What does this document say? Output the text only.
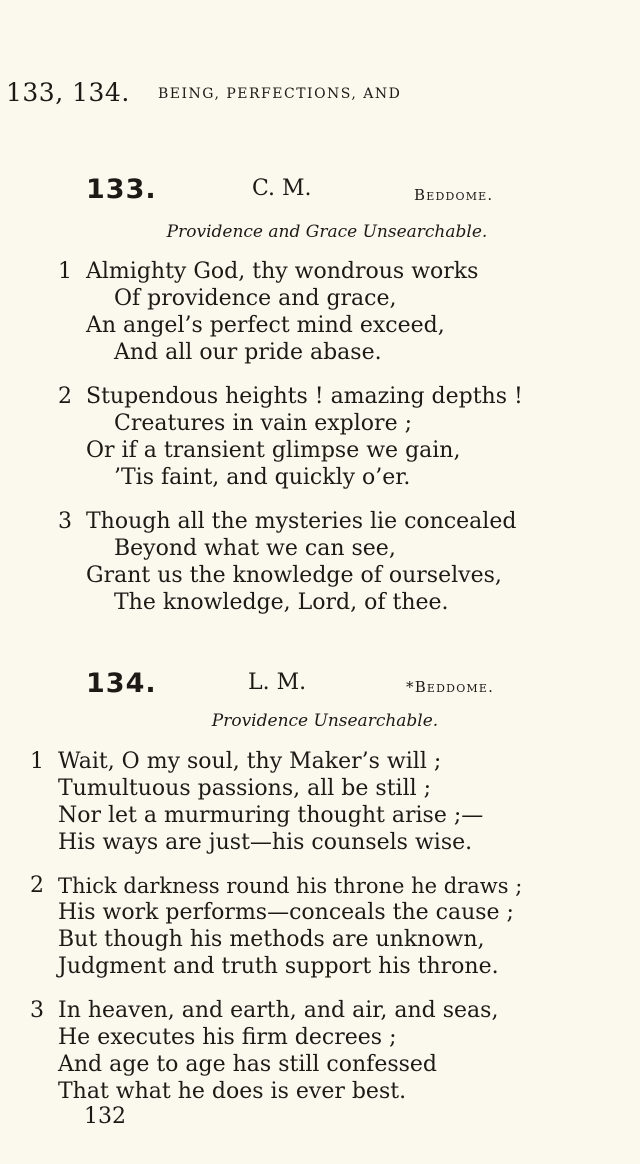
133, 134. BEING, PERFECTIONS, AND
133.	C. M.	Beddome.
Providence and Grace Unsearchable.
1 Almighty God, thy wondrous works
Of providence and grace,
An angel’s perfect mind exceed,
And all our pride abase.
2 Stupendous heights ! amazing depths !
Creatures in vain explore ;
Or if a transient glimpse we gain,
’Tis faint, and quickly o’er.
3 Though all the mysteries lie concealed
Beyond what we can see,
Grant us the knowledge of ourselves,
The knowledge, Lord, of thee.
134.	L. M.	*Beddome.
Providence Unsearchable.
1 Wait, O my soul, thy Maker’s will ;
Tumultuous passions, all be still ;
Nor let a murmuring thought arise ;—
His ways are just—his counsels wise.
2 Thick darkness round his throne he draws ;
His work performs—conceals the cause ;
But though his methods are unknown,
Judgment and truth support his throne.
3 In heaven, and earth, and air, and seas,
He executes his firm decrees ;
And age to age has still confessed
That what he does is ever best.
132
